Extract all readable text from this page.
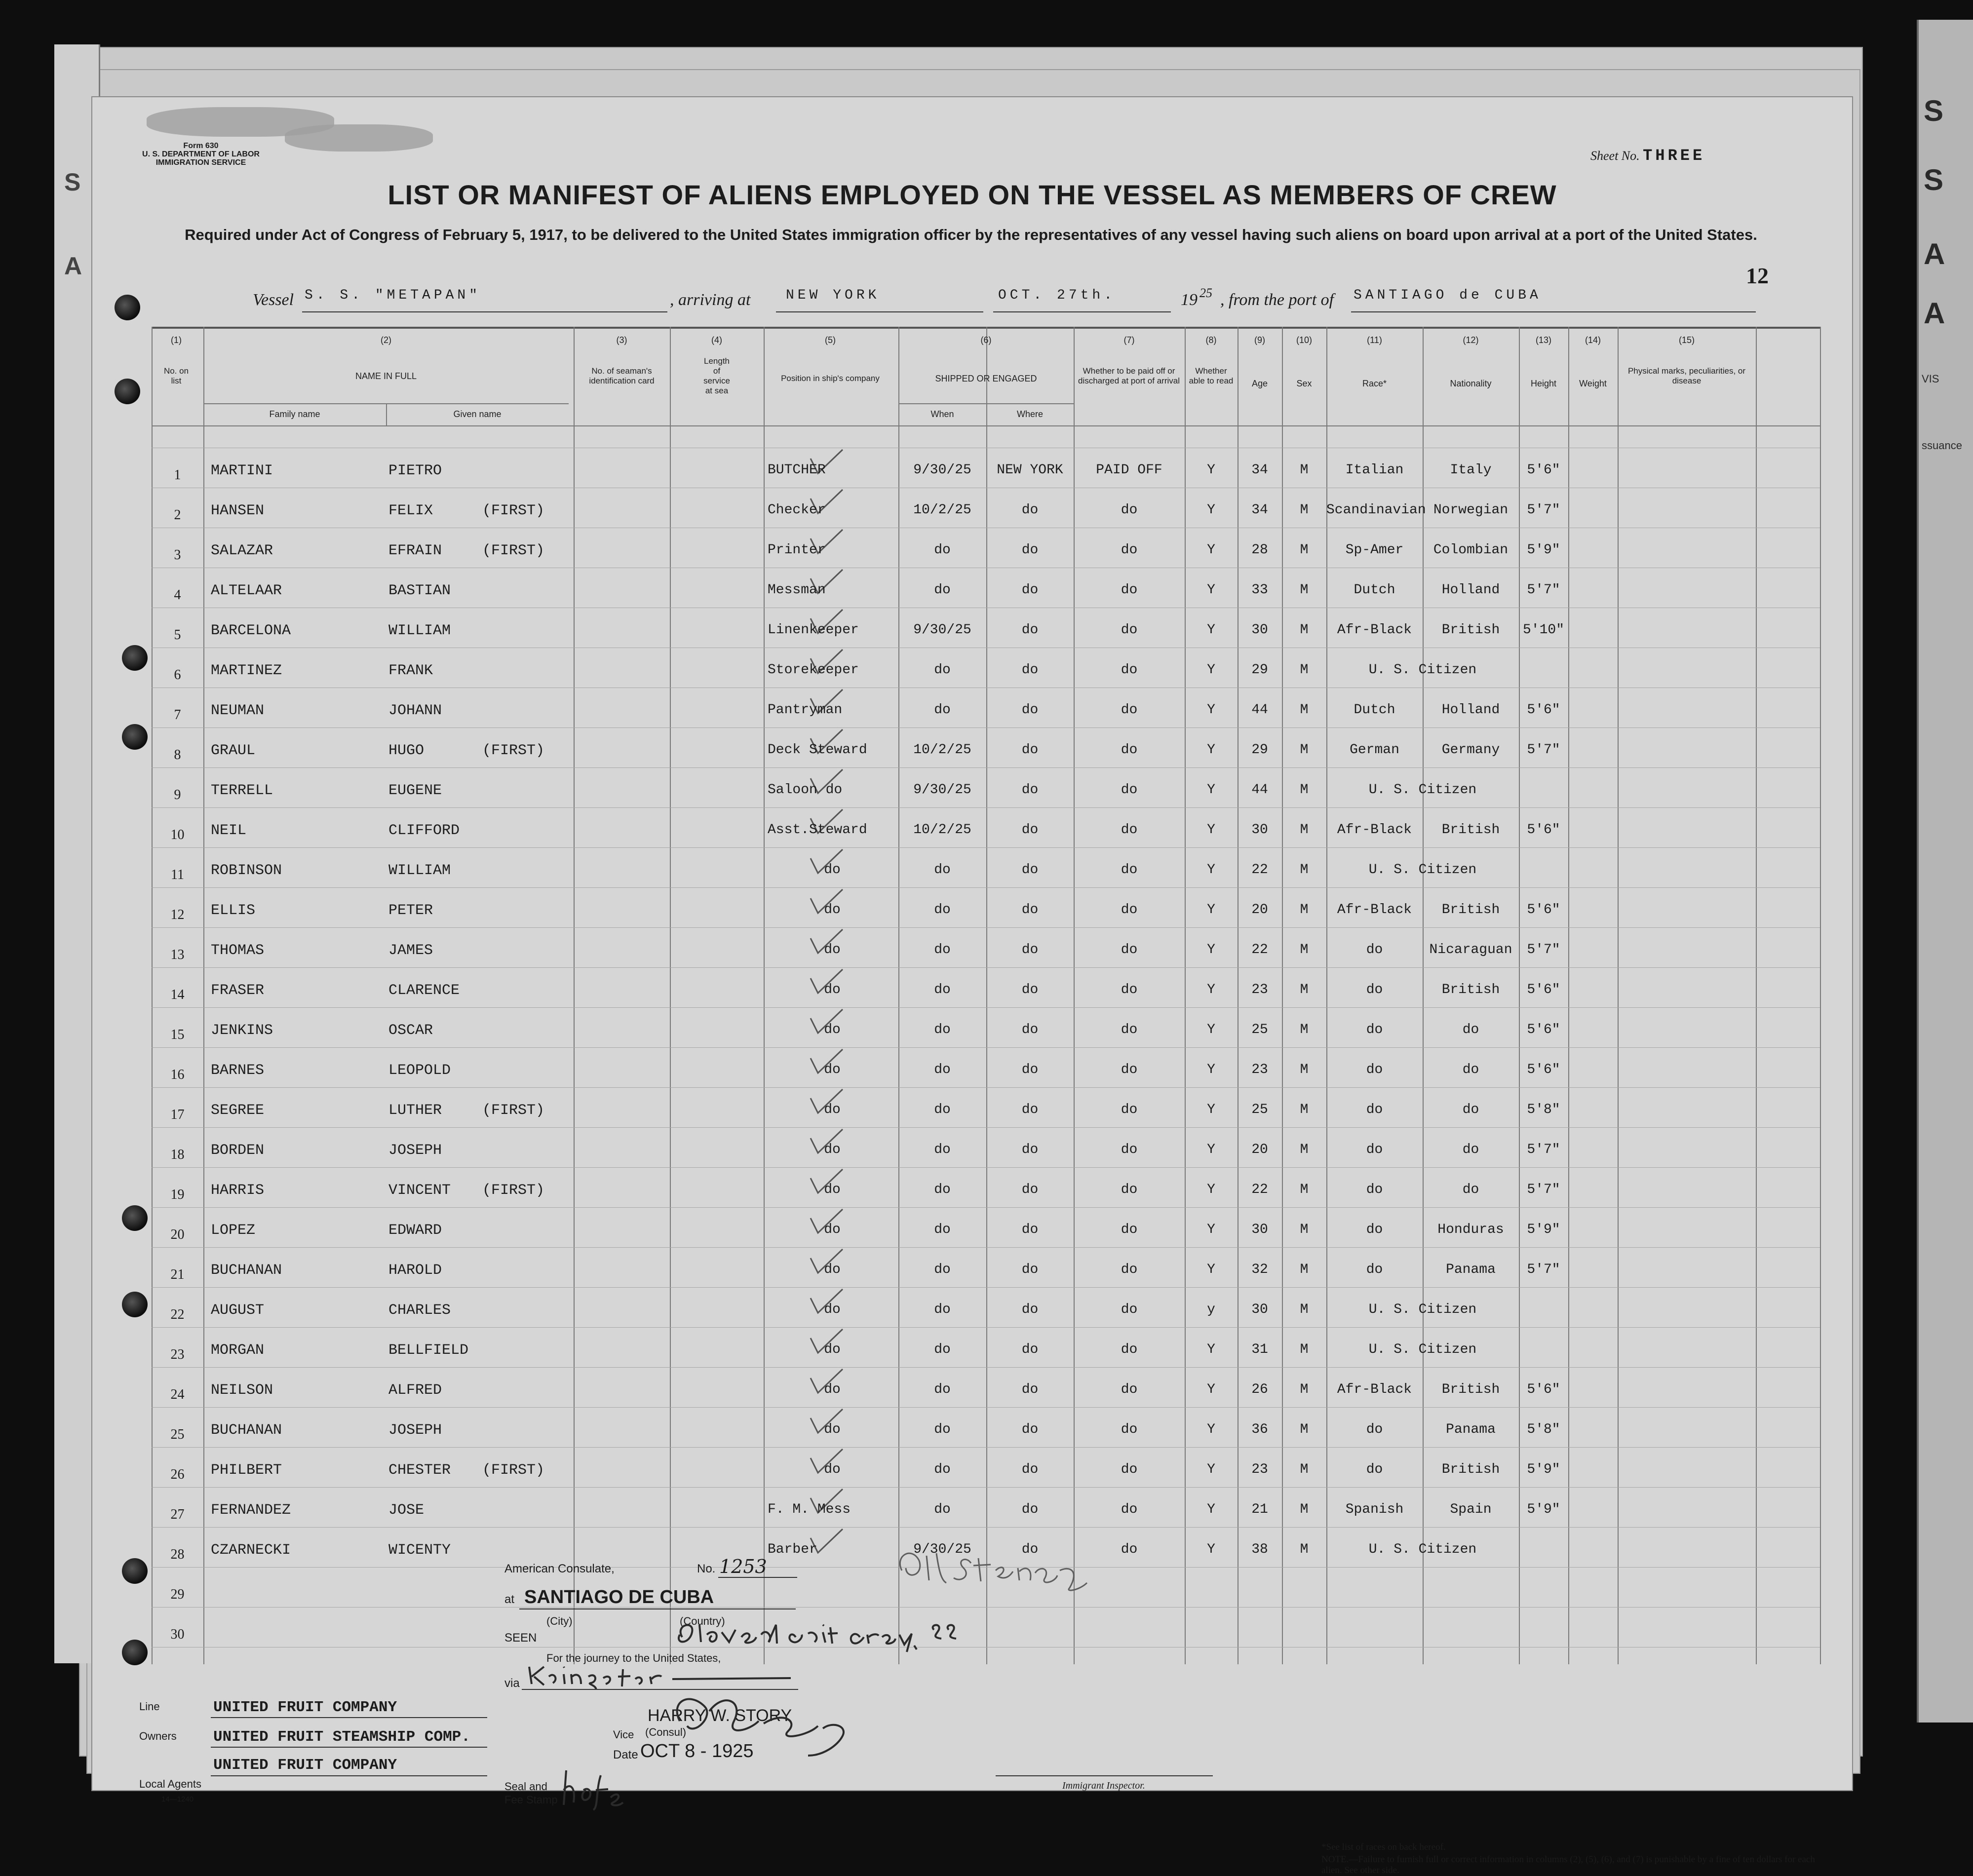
S
A
S
S
A
A
VIS
ssuance
Form 630
U. S. DEPARTMENT OF LABOR
IMMIGRATION SERVICE	Sheet No. THREE
LIST OR MANIFEST OF ALIENS EMPLOYED ON THE VESSEL AS MEMBERS OF CREW
Required under Act of Congress of February 5, 1917, to be delivered to the United States immigration officer by the representatives of any vessel having such aliens on board upon arrival at a port of the United States.
12
Vessel S. S. "METAPAN"	, arriving at	NEW YORK	OCT. 27th.	19 25 , from the port of SANTIAGO de CUBA
(1)
No. on list
(2)
NAME IN FULL
Family name	Given name
(3)
No. of seaman's identification card
(4)
Length of service at sea
(5)
Position in ship's company
(6)
SHIPPED OR ENGAGED
When	Where
(7)
Whether to be paid off or discharged at port of arrival
(8)
Whether able to read
(9)
Age
(10)
Sex
(11)
Race*
(12)
Nationality
(13)
Height
(14)
Weight
(15)
Physical marks, peculiarities, or disease
1	MARTINI	PIETRO	BUTCHER	9/30/25	NEW YORK	PAID OFF	Y	34	M	Italian	Italy	5'6"
2	HANSEN	FELIX	(FIRST)	Checker	10/2/25	do	do	Y	34	M	Scandinavian Norwegian	5'7"
3	SALAZAR	EFRAIN	(FIRST)	Printer	do	do	do	Y	28	M	Sp-Amer	Colombian	5'9"
4	ALTELAAR	BASTIAN	Messman	do	do	do	Y	33	M	Dutch	Holland	5'7"
5	BARCELONA	WILLIAM	Linenkeeper	9/30/25	do	do	Y	30	M	Afr-Black	British	5'10"
6	MARTINEZ	FRANK	Storekeeper	do	do	do	Y	29	M	U. S. Citizen
7	NEUMAN	JOHANN	Pantryman	do	do	do	Y	44	M	Dutch	Holland	5'6"
8	GRAUL	HUGO	(FIRST)	Deck Steward	10/2/25	do	do	Y	29	M	German	Germany	5'7"
9	TERRELL	EUGENE	Saloon do	9/30/25	do	do	Y	44	M	U. S. Citizen
10	NEIL	CLIFFORD	Asst.Steward	10/2/25	do	do	Y	30	M	Afr-Black	British	5'6"
11	ROBINSON	WILLIAM	do	do	do	do	Y	22	M	U. S. Citizen
12	ELLIS	PETER	do	do	do	do	Y	20	M	Afr-Black	British	5'6"
13	THOMAS	JAMES	do	do	do	do	Y	22	M	do	Nicaraguan	5'7"
14	FRASER	CLARENCE	do	do	do	do	Y	23	M	do	British	5'6"
15	JENKINS	OSCAR	do	do	do	do	Y	25	M	do	do	5'6"
16	BARNES	LEOPOLD	do	do	do	do	Y	23	M	do	do	5'6"
17	SEGREE	LUTHER	(FIRST)	do	do	do	do	Y	25	M	do	do	5'8"
18	BORDEN	JOSEPH	do	do	do	do	Y	20	M	do	do	5'7"
19	HARRIS	VINCENT (FIRST)	do	do	do	do	Y	22	M	do	do	5'7"
20	LOPEZ	EDWARD	do	do	do	do	Y	30	M	do	Honduras	5'9"
21	BUCHANAN	HAROLD	do	do	do	do	Y	32	M	do	Panama	5'7"
22	AUGUST	CHARLES	do	do	do	do	y	30	M	U. S. Citizen
23	MORGAN	BELLFIELD	do	do	do	do	Y	31	M	U. S. Citizen
24	NEILSON	ALFRED	do	do	do	do	Y	26	M	Afr-Black	British	5'6"
25	BUCHANAN	JOSEPH	do	do	do	do	Y	36	M	do	Panama	5'8"
26	PHILBERT	CHESTER (FIRST)	do	do	do	do	Y	23	M	do	British	5'9"
27	FERNANDEZ	JOSE	F. M. Mess	do	do	do	Y	21	M	Spanish	Spain	5'9"
28	CZARNECKI	WICENTY	Barber	9/30/25	do	do	Y	38	M	U. S. Citizen
29
30
American Consulate,	No. 1253
at SANTIAGO DE CUBA
(City)	(Country)
SEEN
For the journey to the United States,
via
HARRY W. STORY
Vice (Consul)
Date OCT 8 - 1925
Seal and
Fee Stamp
Line	UNITED FRUIT COMPANY
Owners UNITED FRUIT STEAMSHIP COMP.
Local Agents
UNITED FRUIT COMPANY
14—1240
Immigrant Inspector.
*See list of races on back hereof.
NOTE.—Failure to furnish full or correct information in columns (2), (5), (6), and (7) is punishable by a fine of ten dollars for each alien. See other side.
